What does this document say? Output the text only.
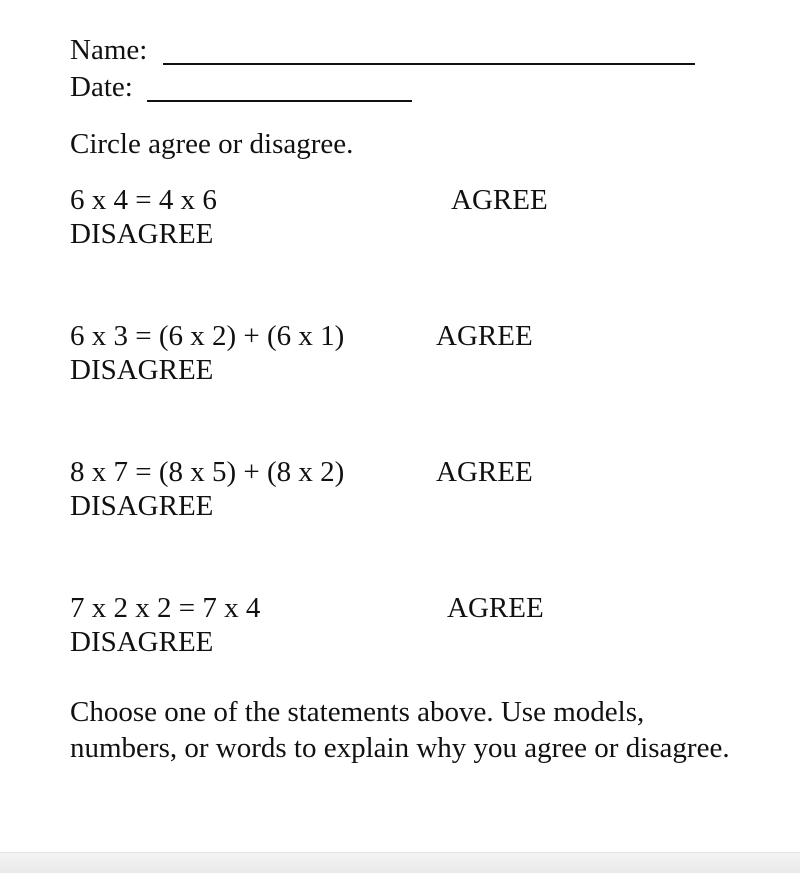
Name:
Date:
Circle agree or disagree.
6 x 4 = 4 x 6	AGREE
DISAGREE
6 x 3 = (6 x 2) + (6 x 1)	AGREE
DISAGREE
8 x 7 = (8 x 5) + (8 x 2)	AGREE
DISAGREE
7 x 2 x 2 = 7 x 4	AGREE
DISAGREE
Choose one of the statements above. Use models, numbers, or words to explain why you agree or disagree.
